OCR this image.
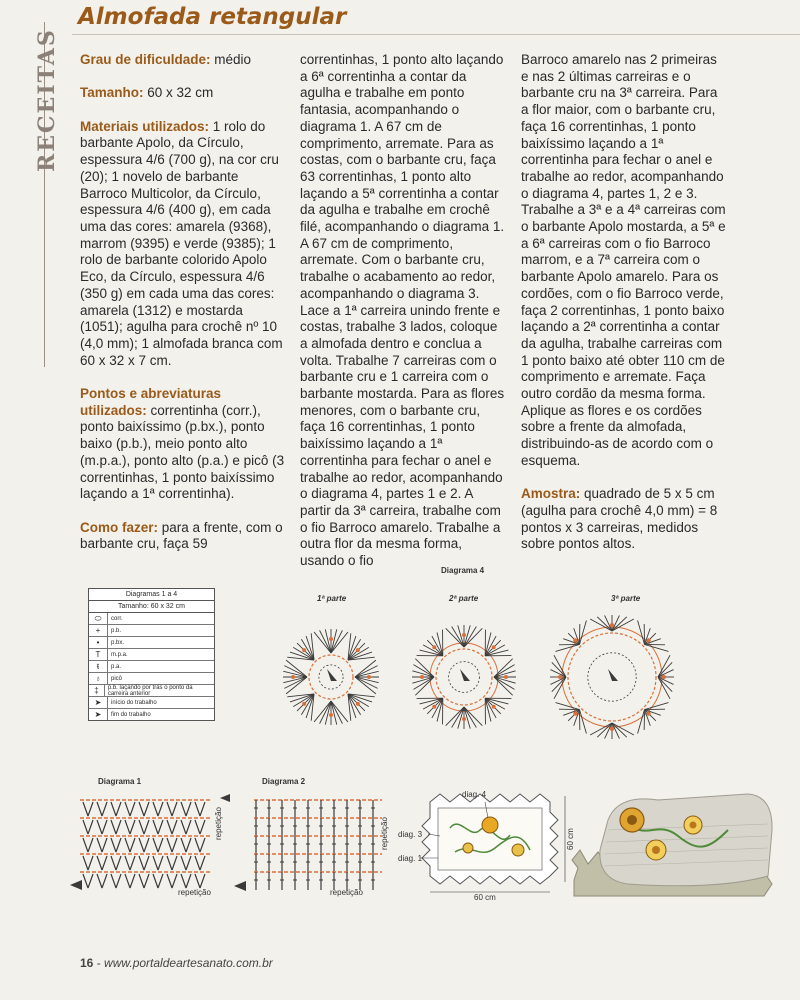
RECEITAS
Almofada retangular

Grau de dificuldade: médio

Tamanho: 60 x 32 cm

Materiais utilizados: 1 rolo do barbante Apolo, da Círculo, espessura 4/6 (700 g), na cor cru (20); 1 novelo de barbante Barroco Multicolor, da Círculo, espessura 4/6 (400 g), em cada uma das cores: amarela (9368), marrom (9395) e verde (9385); 1 rolo de barbante colorido Apolo Eco, da Círculo, espessura 4/6 (350 g) em cada uma das cores: amarela (1312) e mostarda (1051); agulha para crochê nº 10 (4,0 mm); 1 almofada branca com 60 x 32 x 7 cm.

Pontos e abreviaturas utilizados: correntinha (corr.), ponto baixíssimo (p.bx.), ponto baixo (p.b.), meio ponto alto (m.p.a.), ponto alto (p.a.) e picô (3 correntinhas, 1 ponto baixíssimo laçando a 1ª correntinha).

Como fazer: para a frente, com o barbante cru, faça 59

correntinhas, 1 ponto alto laçando a 6ª correntinha a contar da agulha e trabalhe em ponto fantasia, acompanhando o diagrama 1. A 67 cm de comprimento, arremate. Para as costas, com o barbante cru, faça 63 correntinhas, 1 ponto alto laçando a 5ª correntinha a contar da agulha e trabalhe em crochê filé, acompanhando o diagrama 1. A 67 cm de comprimento, arremate. Com o barbante cru, trabalhe o acabamento ao redor, acompanhando o diagrama 3. Lace a 1ª carreira unindo frente e costas, trabalhe 3 lados, coloque a almofada dentro e conclua a volta. Trabalhe 7 carreiras com o barbante cru e 1 carreira com o barbante mostarda. Para as flores menores, com o barbante cru, faça 16 correntinhas, 1 ponto baixíssimo laçando a 1ª correntinha para fechar o anel e trabalhe ao redor, acompanhando o diagrama 4, partes 1 e 2. A partir da 3ª carreira, trabalhe com o fio Barroco amarelo. Trabalhe a outra flor da mesma forma, usando o fio

Barroco amarelo nas 2 primeiras e nas 2 últimas carreiras e o barbante cru na 3ª carreira. Para a flor maior, com o barbante cru, faça 16 correntinhas, 1 ponto baixíssimo laçando a 1ª correntinha para fechar o anel e trabalhe ao redor, acompanhando o diagrama 4, partes 1, 2 e 3. Trabalhe a 3ª e a 4ª carreiras com o barbante Apolo mostarda, a 5ª e a 6ª carreiras com o fio Barroco marrom, e a 7ª carreira com o barbante Apolo amarelo. Para os cordões, com o fio Barroco verde, faça 2 correntinhas, 1 ponto baixo laçando a 2ª correntinha a contar da agulha, trabalhe carreiras com 1 ponto baixo até obter 110 cm de comprimento e arremate. Faça outro cordão da mesma forma. Aplique as flores e os cordões sobre a frente da almofada, distribuindo-as de acordo com o esquema.

Amostra: quadrado de 5 x 5 cm (agulha para crochê 4,0 mm) = 8 pontos x 3 carreiras, medidos sobre pontos altos.

Diagramas 1 a 4
Tamanho: 60 x 32 cm
⬭	corr.
+	p.b.
•	p.bx.
T	m.p.a.
ŧ	p.a.
♁	picô
‡	p.b. laçando por trás o ponto da carreira anterior
➤	início do trabalho
➤	fim do trabalho
Diagrama 4
1ª parte	2ª parte	3ª parte
Diagrama 1
repetição
repetição
Diagrama 2
repetição
repetição
diag. 4
diag. 3
diag. 1
60 cm
60 cm
16 - www.portaldeartesanato.com.br
